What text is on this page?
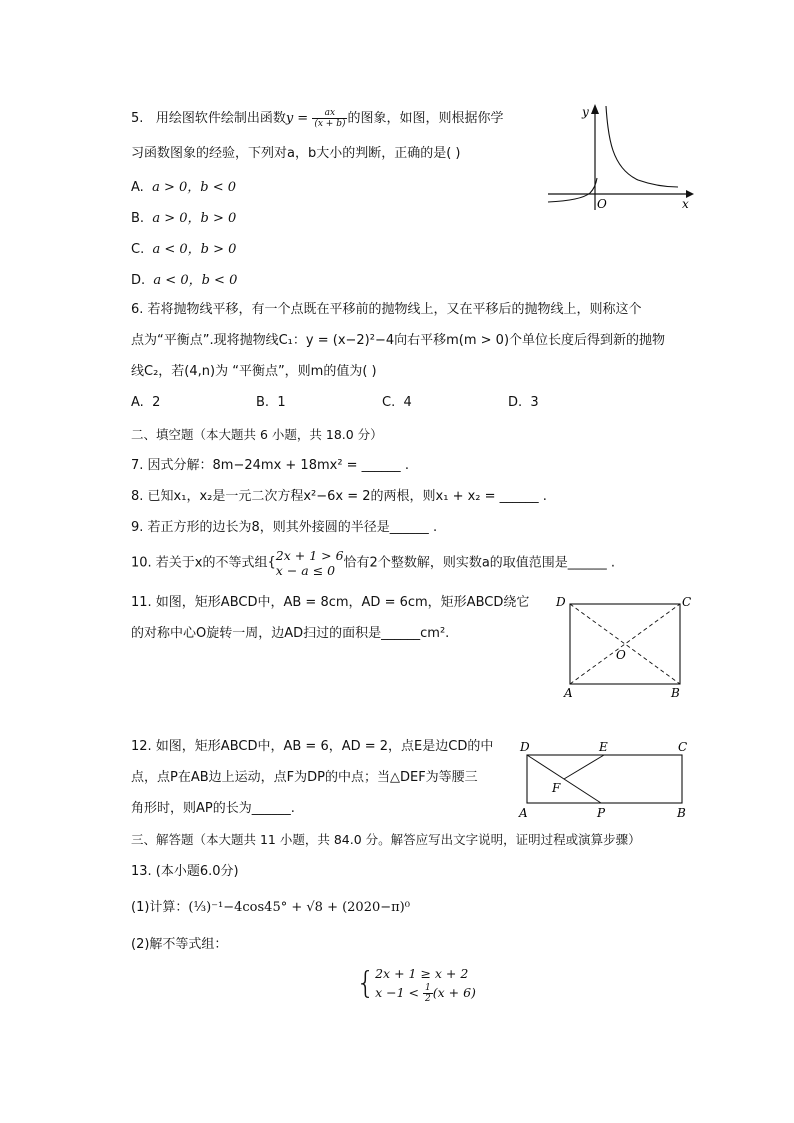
5. 用绘图软件绘制出函数$y = \frac{ax}{(x + b)}$ 的图象，如图，则根据你学
习函数图象的经验，下列对a，b大小的判断，正确的是( )
A. a > 0，b < 0
B. a > 0，b > 0
C. a < 0，b > 0
D. a < 0，b < 0
y
x
O
6. 若将抛物线平移，有一个点既在平移前的抛物线上，又在平移后的抛物线上，则称这个
点为“平衡点”.现将抛物线C₁：y = (x−2)²−4向右平移m(m > 0)个单位长度后得到新的抛物
线C₂，若(4,n)为 “平衡点”，则m的值为( )
A. 2	B. 1	C. 4	D. 3
二、填空题（本大题共 6 小题，共 18.0 分）
7. 因式分解：8m−24mx + 18mx² = ______ .
8. 已知x₁，x₂是一元二次方程x²−6x = 2的两根，则x₁ + x₂ = ______ .
9. 若正方形的边长为8，则其外接圆的半径是______ .
10. 若关于x的不等式组{ 2x + 1 > 6
x − a ≤ 0 恰有2个整数解，则实数a的取值范围是______ .
11. 如图，矩形ABCD中，AB = 8cm，AD = 6cm，矩形ABCD绕它
的对称中心O旋转一周，边AD扫过的面积是______cm².
D	C
A	B
O
12. 如图，矩形ABCD中，AB = 6，AD = 2，点E是边CD的中
点，点P在AB边上运动，点F为DP的中点；当△DEF为等腰三
角形时，则AP的长为______.
D	E	C
F
A	P	B
三、解答题（本大题共 11 小题，共 84.0 分。解答应写出文字说明，证明过程或演算步骤）
13. (本小题6.0分)
(1)计算：(⅓)⁻¹−4cos45° + √8 + (2020−π)⁰
(2)解不等式组：
{ 2x + 1 ≥ x + 2
$x -1 < \frac{1}{2} (x + 6)$
